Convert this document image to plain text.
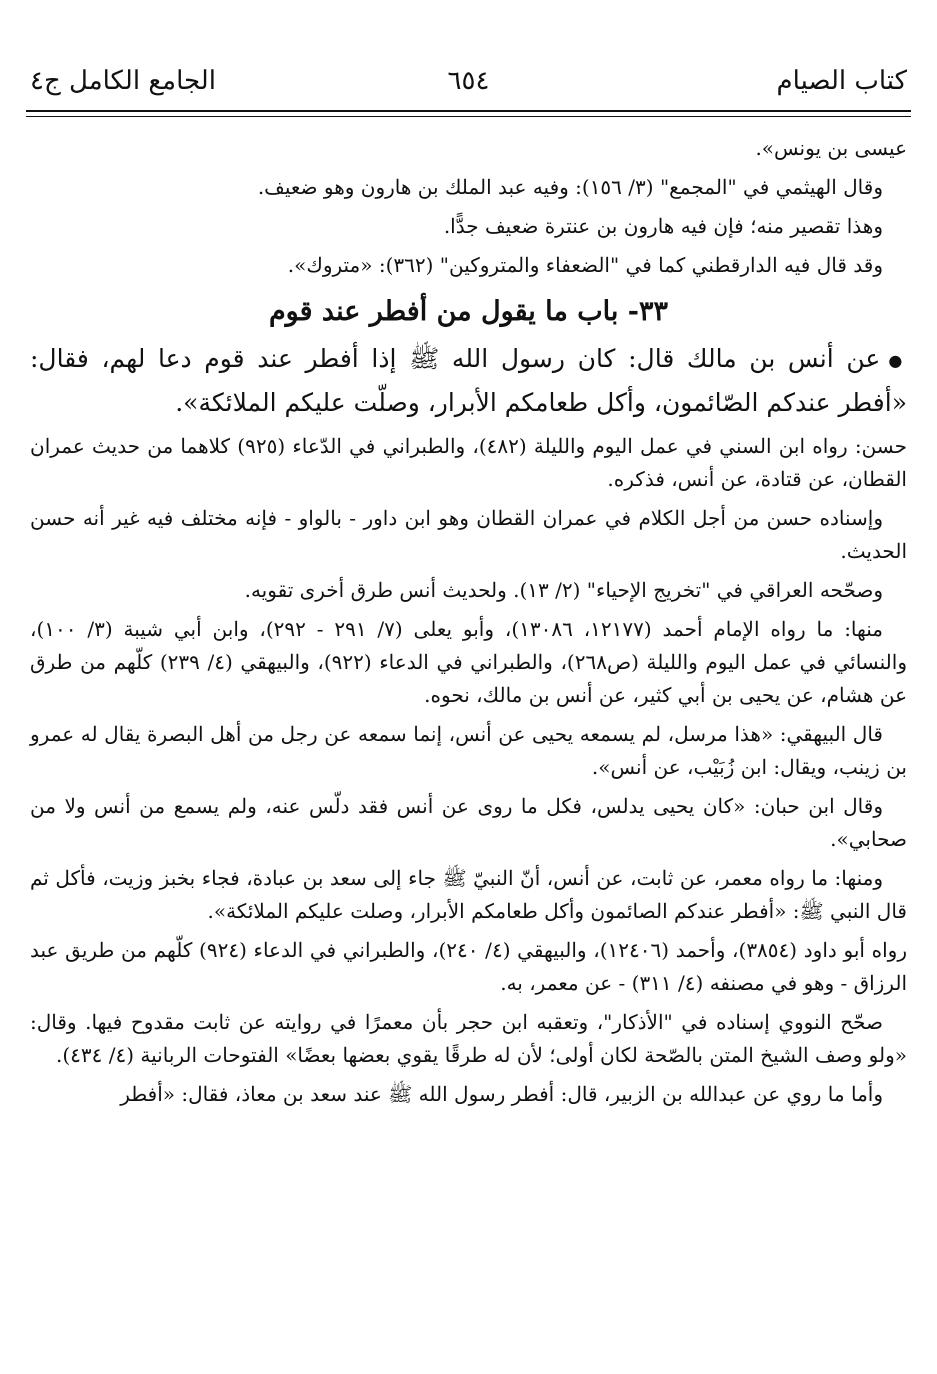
كتاب الصيام
٦٥٤
الجامع الكامل ج٤

عيسى بن يونس».

وقال الهيثمي في "المجمع" (٣/ ١٥٦): وفيه عبد الملك بن هارون وهو ضعيف.

وهذا تقصير منه؛ فإن فيه هارون بن عنترة ضعيف جدًّا.

وقد قال فيه الدارقطني كما في "الضعفاء والمتروكين" (٣٦٢): «متروك».

٣٣- باب ما يقول من أفطر عند قوم

●عن أنس بن مالك قال: كان رسول الله ﷺ إذا أفطر عند قوم دعا لهم، فقال: «أفطر عندكم الصّائمون، وأكل طعامكم الأبرار، وصلّت عليكم الملائكة».

حسن: رواه ابن السني في عمل اليوم والليلة (٤٨٢)، والطبراني في الدّعاء (٩٢٥) كلاهما من حديث عمران القطان، عن قتادة، عن أنس، فذكره.

وإسناده حسن من أجل الكلام في عمران القطان وهو ابن داور - بالواو - فإنه مختلف فيه غير أنه حسن الحديث.

وصحّحه العراقي في "تخريج الإحياء" (٢/ ١٣). ولحديث أنس طرق أخرى تقويه.

منها: ما رواه الإمام أحمد (١٢١٧٧، ١٣٠٨٦)، وأبو يعلى (٧/ ٢٩١ - ٢٩٢)، وابن أبي شيبة (٣/ ١٠٠)، والنسائي في عمل اليوم والليلة (ص٢٦٨)، والطبراني في الدعاء (٩٢٢)، والبيهقي (٤/ ٢٣٩) كلّهم من طرق عن هشام، عن يحيى بن أبي كثير، عن أنس بن مالك، نحوه.

قال البيهقي: «هذا مرسل، لم يسمعه يحيى عن أنس، إنما سمعه عن رجل من أهل البصرة يقال له عمرو بن زينب، ويقال: ابن زُبَيْب، عن أنس».

وقال ابن حبان: «كان يحيى يدلس، فكل ما روى عن أنس فقد دلّس عنه، ولم يسمع من أنس ولا من صحابي».

ومنها: ما رواه معمر، عن ثابت، عن أنس، أنّ النبيّ ﷺ جاء إلى سعد بن عبادة، فجاء بخبز وزيت، فأكل ثم قال النبي ﷺ: «أفطر عندكم الصائمون وأكل طعامكم الأبرار، وصلت عليكم الملائكة».

رواه أبو داود (٣٨٥٤)، وأحمد (١٢٤٠٦)، والبيهقي (٤/ ٢٤٠)، والطبراني في الدعاء (٩٢٤) كلّهم من طريق عبد الرزاق - وهو في مصنفه (٤/ ٣١١) - عن معمر، به.

صحّح النووي إسناده في "الأذكار"، وتعقبه ابن حجر بأن معمرًا في روايته عن ثابت مقدوح فيها. وقال: «ولو وصف الشيخ المتن بالصّحة لكان أولى؛ لأن له طرقًا يقوي بعضها بعضًا» الفتوحات الربانية (٤/ ٤٣٤).

وأما ما روي عن عبدالله بن الزبير، قال: أفطر رسول الله ﷺ عند سعد بن معاذ، فقال: «أفطر
